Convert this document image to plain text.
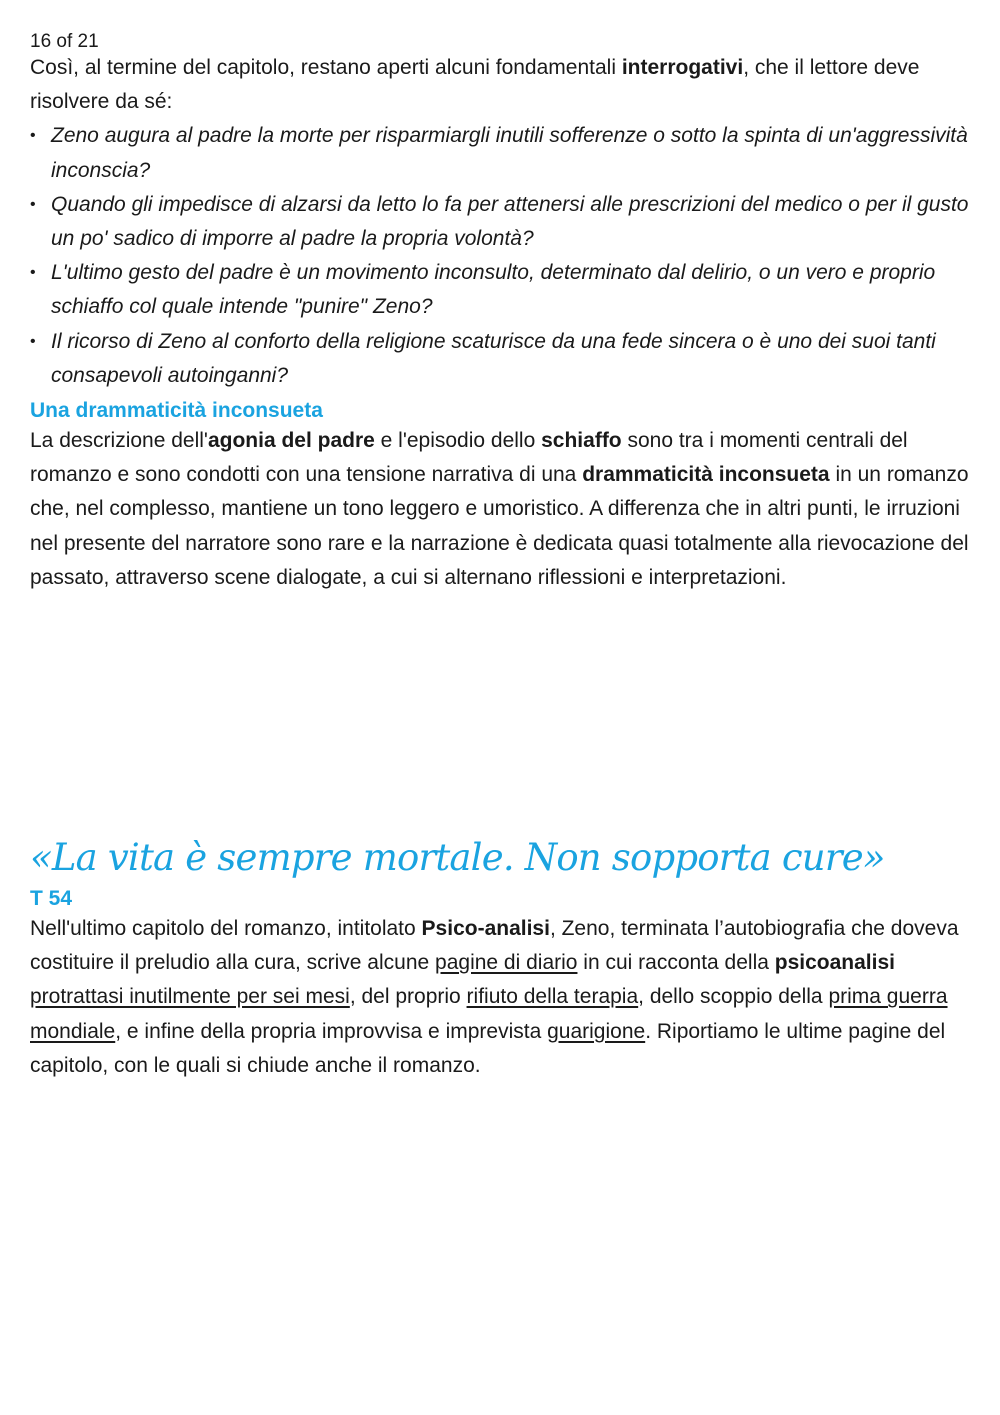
16 of 21

Così, al termine del capitolo, restano aperti alcuni fondamentali interrogativi, che il lettore deve risolvere da sé:

• Zeno augura al padre la morte per risparmiargli inutili sofferenze o sotto la spinta di un'aggressività inconscia?
• Quando gli impedisce di alzarsi da letto lo fa per attenersi alle prescrizioni del medico o per il gusto un po' sadico di imporre al padre la propria volontà?
• L'ultimo gesto del padre è un movimento inconsulto, determinato dal delirio, o un vero e proprio schiaffo col quale intende "punire" Zeno?
• Il ricorso di Zeno al conforto della religione scaturisce da una fede sincera o è uno dei suoi tanti consapevoli autoinganni?
Una drammaticità inconsueta

La descrizione dell'agonia del padre e l'episodio dello schiaffo sono tra i momenti centrali del romanzo e sono condotti con una tensione narrativa di una drammaticità inconsueta in un romanzo che, nel complesso, mantiene un tono leggero e umoristico. A differenza che in altri punti, le irruzioni nel presente del narratore sono rare e la narrazione è dedicata quasi totalmente alla rievocazione del passato, attraverso scene dialogate, a cui si alternano riflessioni e interpretazioni.

«La vita è sempre mortale. Non sopporta cure»
T 54

Nell'ultimo capitolo del romanzo, intitolato Psico-analisi, Zeno, terminata l’autobiografia che doveva costituire il preludio alla cura, scrive alcune pagine di diario in cui racconta della psicoanalisi protrattasi inutilmente per sei mesi, del proprio rifiuto della terapia, dello scoppio della prima guerra mondiale, e infine della propria improvvisa e imprevista guarigione. Riportiamo le ultime pagine del capitolo, con le quali si chiude anche il romanzo.
